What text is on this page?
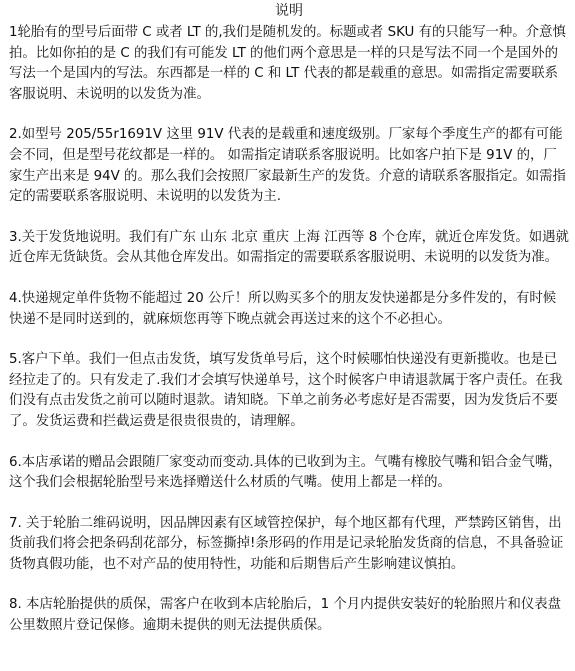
说明

1轮胎有的型号后面带 C 或者 LT 的,我们是随机发的。标题或者 SKU 有的只能写一种。介意慎拍。比如你拍的是 C 的我们有可能发 LT 的他们两个意思是一样的只是写法不同一个是国外的写法一个是国内的写法。东西都是一样的 C 和 LT 代表的都是载重的意思。如需指定需要联系客服说明、未说明的以发货为准。

2.如型号 205/55r1691V 这里 91V 代表的是载重和速度级别。厂家每个季度生产的都有可能会不同，但是型号花纹都是一样的。 如需指定请联系客服说明。比如客户拍下是 91V 的，厂家生产出来是 94V 的。那么我们会按照厂家最新生产的发货。介意的请联系客服指定。如需指定的需要联系客服说明、未说明的以发货为主.

3.关于发货地说明。我们有广东 山东 北京 重庆 上海 江西等 8 个仓库，就近仓库发货。如遇就近仓库无货缺货。会从其他仓库发出。如需指定的需要联系客服说明、未说明的以发货为准。

4.快递规定单件货物不能超过 20 公斤！所以购买多个的朋友发快递都是分多件发的，有时候快递不是同时送到的，就麻烦您再等下晚点就会再送过来的这个不必担心。

5.客户下单。我们一但点击发货，填写发货单号后，这个时候哪怕快递没有更新揽收。也是已经拉走了的。只有发走了.我们才会填写快递单号，这个时候客户申请退款属于客户责任。在我们没有点击发货之前可以随时退款。请知晓。下单之前务必考虑好是否需要，因为发货后不要了。发货运费和拦截运费是很贵很贵的，请理解。

6.本店承诺的赠品会跟随厂家变动而变动.具体的已收到为主。气嘴有橡胶气嘴和铝合金气嘴，这个我们会根据轮胎型号来选择赠送什么材质的气嘴。使用上都是一样的。

7. 关于轮胎二维码说明，因品牌因素有区域管控保护，每个地区都有代理，严禁跨区销售，出货前我们将会把条码刮花部分，标签撕掉!条形码的作用是记录轮胎发货商的信息，不具备验证货物真假功能，也不对产品的使用特性，功能和后期售后产生影响建议慎拍。

8. 本店轮胎提供的质保，需客户在收到本店轮胎后，1 个月内提供安装好的轮胎照片和仪表盘公里数照片登记保修。逾期未提供的则无法提供质保。
